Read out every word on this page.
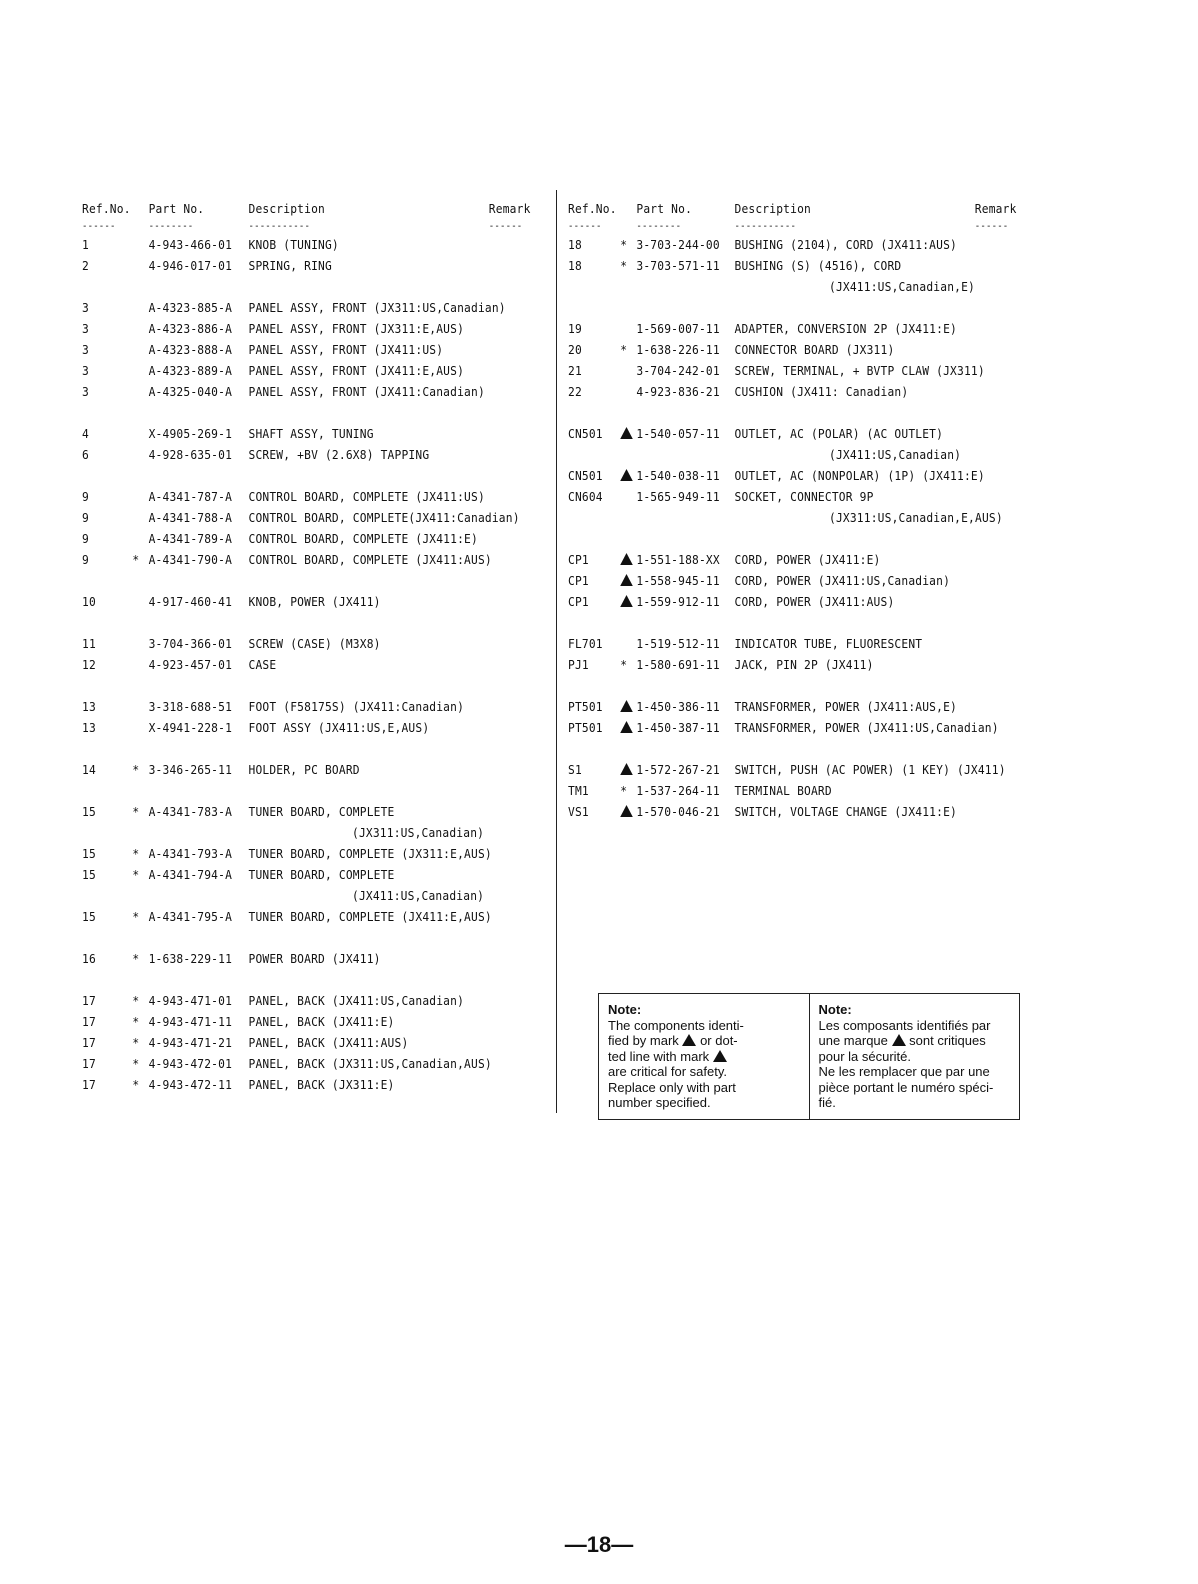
Ref.No. Part No.	Description	Remark
------	--------	-----------	------
1	4-943-466-01 KNOB (TUNING)
2	4-946-017-01 SPRING, RING
3	A-4323-885-A PANEL ASSY, FRONT (JX311:US,Canadian)
3	A-4323-886-A PANEL ASSY, FRONT (JX311:E,AUS)
3	A-4323-888-A PANEL ASSY, FRONT (JX411:US)
3	A-4323-889-A PANEL ASSY, FRONT (JX411:E,AUS)
3	A-4325-040-A PANEL ASSY, FRONT (JX411:Canadian)
4	X-4905-269-1 SHAFT ASSY, TUNING
6	4-928-635-01 SCREW, +BV (2.6X8) TAPPING
9	A-4341-787-A CONTROL BOARD, COMPLETE (JX411:US)
9	A-4341-788-A CONTROL BOARD, COMPLETE(JX411:Canadian)
9	A-4341-789-A CONTROL BOARD, COMPLETE (JX411:E)
9	* A-4341-790-A CONTROL BOARD, COMPLETE (JX411:AUS)
10	4-917-460-41 KNOB, POWER (JX411)
11	3-704-366-01 SCREW (CASE) (M3X8)
12	4-923-457-01 CASE
13	3-318-688-51 FOOT (F58175S) (JX411:Canadian)
13	X-4941-228-1 FOOT ASSY (JX411:US,E,AUS)
14	* 3-346-265-11 HOLDER, PC BOARD
15	* A-4341-783-A TUNER BOARD, COMPLETE
(JX311:US,Canadian)
15	* A-4341-793-A TUNER BOARD, COMPLETE (JX311:E,AUS)
15	* A-4341-794-A TUNER BOARD, COMPLETE
(JX411:US,Canadian)
15	* A-4341-795-A TUNER BOARD, COMPLETE (JX411:E,AUS)
16	* 1-638-229-11 POWER BOARD (JX411)
17	* 4-943-471-01 PANEL, BACK (JX411:US,Canadian)
17	* 4-943-471-11 PANEL, BACK (JX411:E)
17	* 4-943-471-21 PANEL, BACK (JX411:AUS)
17	* 4-943-472-01 PANEL, BACK (JX311:US,Canadian,AUS)
17	* 4-943-472-11 PANEL, BACK (JX311:E)
Ref.No. Part No.	Description	Remark
------	--------	-----------	------
18	* 3-703-244-00 BUSHING (2104), CORD (JX411:AUS)
18	* 3-703-571-11 BUSHING (S) (4516), CORD
(JX411:US,Canadian,E)
19	1-569-007-11 ADAPTER, CONVERSION 2P (JX411:E)
20	* 1-638-226-11 CONNECTOR BOARD (JX311)
21	3-704-242-01 SCREW, TERMINAL, + BVTP CLAW (JX311)
22	4-923-836-21 CUSHION (JX411: Canadian)
CN501	1-540-057-11 OUTLET, AC (POLAR) (AC OUTLET)
(JX411:US,Canadian)
CN501	1-540-038-11 OUTLET, AC (NONPOLAR) (1P) (JX411:E)
CN604	1-565-949-11 SOCKET, CONNECTOR 9P
(JX311:US,Canadian,E,AUS)
CP1	1-551-188-XX CORD, POWER (JX411:E)
CP1	1-558-945-11 CORD, POWER (JX411:US,Canadian)
CP1	1-559-912-11 CORD, POWER (JX411:AUS)
FL701	1-519-512-11 INDICATOR TUBE, FLUORESCENT
PJ1	* 1-580-691-11 JACK, PIN 2P (JX411)
PT501	1-450-386-11 TRANSFORMER, POWER (JX411:AUS,E)
PT501	1-450-387-11 TRANSFORMER, POWER (JX411:US,Canadian)
S1	1-572-267-21 SWITCH, PUSH (AC POWER) (1 KEY) (JX411)
TM1	* 1-537-264-11 TERMINAL BOARD
VS1	1-570-046-21 SWITCH, VOLTAGE CHANGE (JX411:E)
Note:
The components identi-
fied by mark or dot-
ted line with mark
are critical for safety.
Replace only with part
number specified.
Note:
Les composants identifiés par
une marque sont critiques
pour la sécurité.
Ne les remplacer que par une
pièce portant le numéro spéci-
fié.
—18—
